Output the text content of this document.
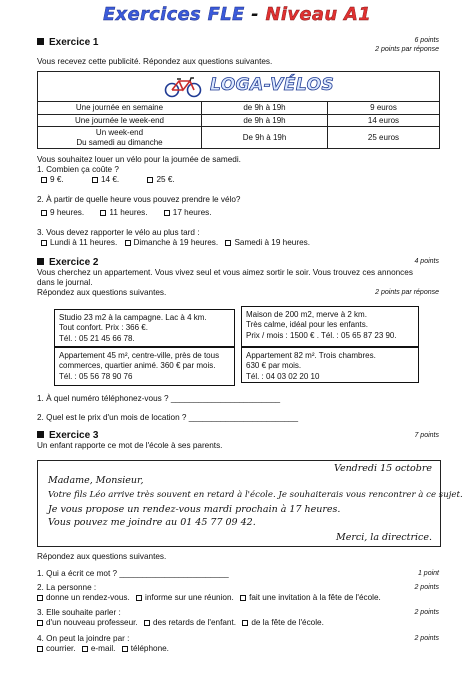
Exercices FLE - Niveau A1
Exercice 1	6 points
2 points par réponse
Vous recevez cette publicité. Répondez aux questions suivantes.
LOGA-VÉLOS		

Une journée en semaine	de 9h à 19h	9 euros
Une journée le week-end	de 9h à 19h	14 euros

Un week-end
Du samedi au dimanche	De 9h à 19h	25 euros
Vous souhaitez louer un vélo pour la journée de samedi.
1. Combien ça coûte ?
9 €.	14 €.	25 €.
2. À partir de quelle heure vous pouvez prendre le vélo?
9 heures.	11 heures.	17 heures.
3. Vous devez rapporter le vélo au plus tard :
Lundi à 11 heures. Dimanche à 19 heures. Samedi à 19 heures.
Exercice 2	4 points
Vous cherchez un appartement. Vous vivez seul et vous aimez sortir le soir. Vous trouvez ces annonces
dans le journal.
Répondez aux questions suivantes.	2 points par réponse
Studio 23 m2 à la campagne. Lac à 4 km.
Tout confort. Prix : 366 €.
Tél. : 05 21 45 66 78.
Maison de 200 m2, merve à 2 km.
Très calme, idéal pour les enfants.
Prix / mois : 1500 € . Tél. : 05 65 87 23 90.
Appartement 45 m², centre-ville, près de tous
commerces, quartier animé. 360 € par mois.
Tél. : 05 56 78 90 76
Appartement 82 m². Trois chambres.
630 € par mois.
Tél. : 04 03 02 20 10
1. À quel numéro téléphonez-vous ? ________________________
2. Quel est le prix d'un mois de location ? ________________________
Exercice 3	7 points
Un enfant rapporte ce mot de l'école à ses parents.
Vendredi 15 octobre
Madame, Monsieur,
Votre fils Léo arrive très souvent en retard à l'école. Je souhaiterais vous rencontrer à ce sujet.
Je vous propose un rendez-vous mardi prochain à 17 heures.
Vous pouvez me joindre au 01 45 77 09 42.
Merci, la directrice.
Répondez aux questions suivantes.
1. Qui a écrit ce mot ? ________________________	1 point
2. La personne :	2 points
donne un rendez-vous. informe sur une réunion. fait une invitation à la fête de l'école.
3. Elle souhaite parler :	2 points
d'un nouveau professeur. des retards de l'enfant. de la fête de l'école.
4. On peut la joindre par :	2 points
courrier. e-mail. téléphone.
